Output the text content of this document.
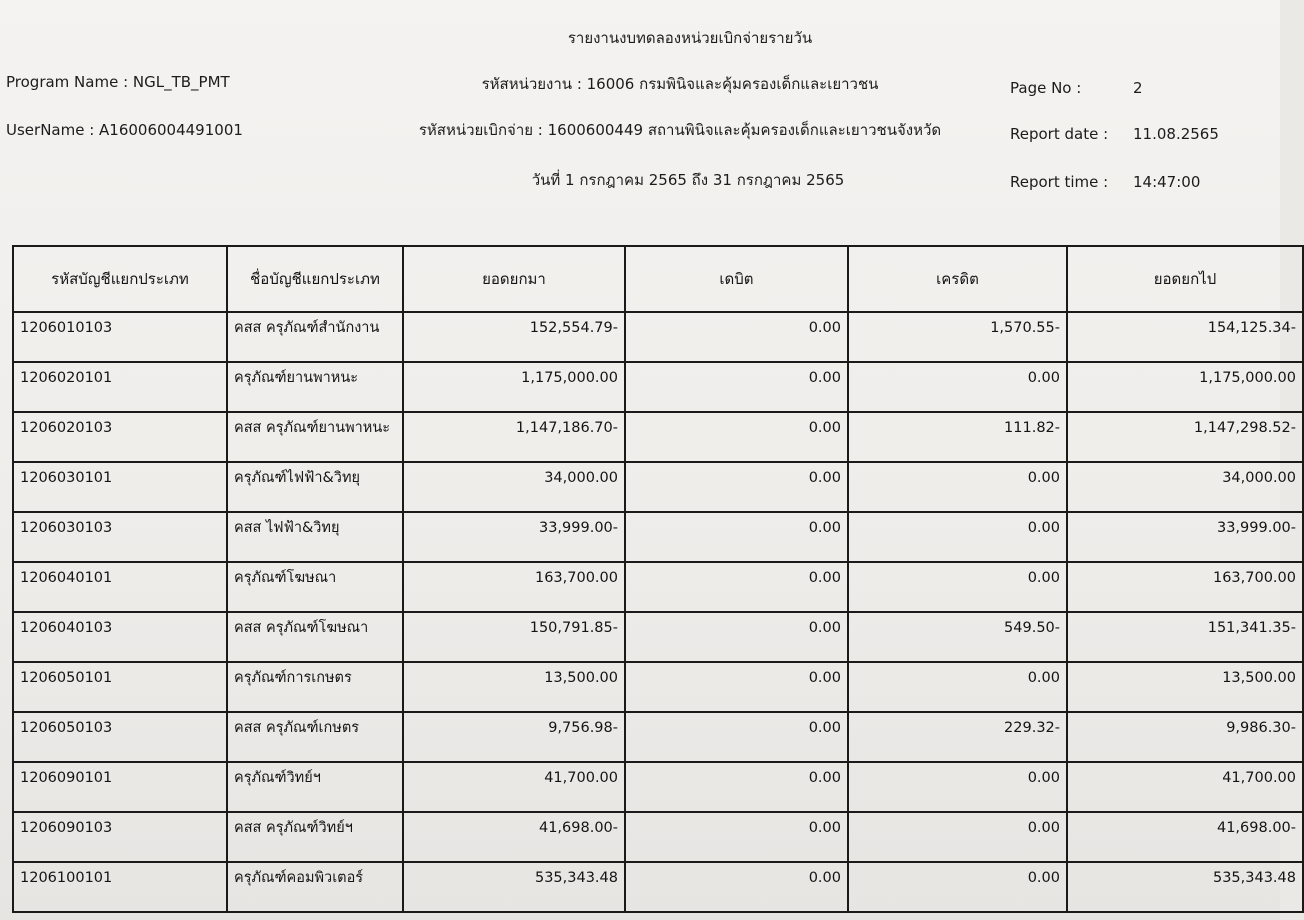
รายงานงบทดลองหน่วยเบิกจ่ายรายวัน
Program Name : NGL_TB_PMT	รหัสหน่วยงาน : 16006 กรมพินิจและคุ้มครองเด็กและเยาวชน	Page No :	2
UserName : A16006004491001	รหัสหน่วยเบิกจ่าย : 1600600449 สถานพินิจและคุ้มครองเด็กและเยาวชนจังหวัด	Report date : 11.08.2565
วันที่ 1 กรกฎาคม 2565 ถึง 31 กรกฎาคม 2565	Report time : 14:47:00
รหัสบัญชีแยกประเภท	ชื่อบัญชีแยกประเภท	ยอดยกมา	เดบิต	เครดิต	ยอดยกไป
1206010103	คสส ครุภัณฑ์สำนักงาน	152,554.79-	0.00	1,570.55-	154,125.34-
1206020101	ครุภัณฑ์ยานพาหนะ	1,175,000.00	0.00	0.00	1,175,000.00
1206020103	คสส ครุภัณฑ์ยานพาหนะ	1,147,186.70-	0.00	111.82-	1,147,298.52-
1206030101	ครุภัณฑ์ไฟฟ้า&วิทยุ	34,000.00	0.00	0.00	34,000.00
1206030103	คสส ไฟฟ้า&วิทยุ	33,999.00-	0.00	0.00	33,999.00-
1206040101	ครุภัณฑ์โฆษณา	163,700.00	0.00	0.00	163,700.00
1206040103	คสส ครุภัณฑ์โฆษณา	150,791.85-	0.00	549.50-	151,341.35-
1206050101	ครุภัณฑ์การเกษตร	13,500.00	0.00	0.00	13,500.00
1206050103	คสส ครุภัณฑ์เกษตร	9,756.98-	0.00	229.32-	9,986.30-
1206090101	ครุภัณฑ์วิทย์ฯ	41,700.00	0.00	0.00	41,700.00
1206090103	คสส ครุภัณฑ์วิทย์ฯ	41,698.00-	0.00	0.00	41,698.00-
1206100101	ครุภัณฑ์คอมพิวเตอร์	535,343.48	0.00	0.00	535,343.48
